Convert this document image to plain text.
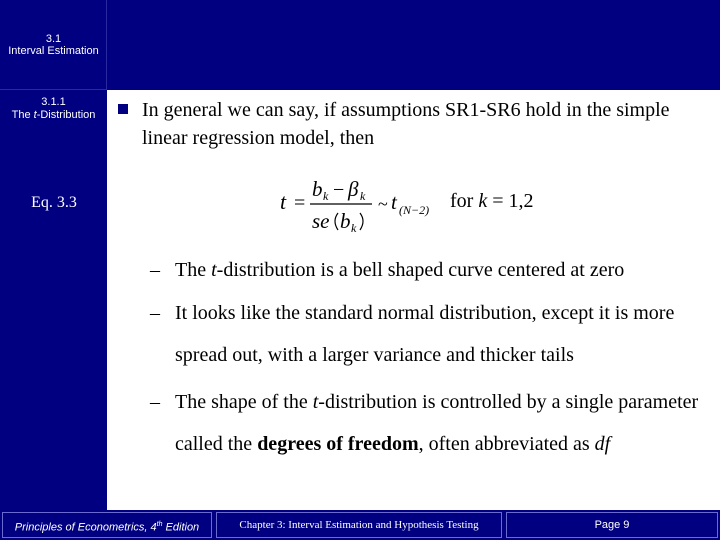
3.1
Interval Estimation
3.1.1
The t-Distribution
Eq. 3.3
In general we can say, if assumptions SR1-SR6 hold in the simple linear regression model, then
t =
b k − β k
se b k
~ t (N−2) for k = 1,2
– The t-distribution is a bell shaped curve centered at zero
– It looks like the standard normal distribution, except it is more spread out, with a larger variance and thicker tails
– The shape of the t-distribution is controlled by a single parameter called the degrees of freedom, often abbreviated as df
Principles of Econometrics, 4th Edition	Chapter 3: Interval Estimation and Hypothesis Testing	Page 9
